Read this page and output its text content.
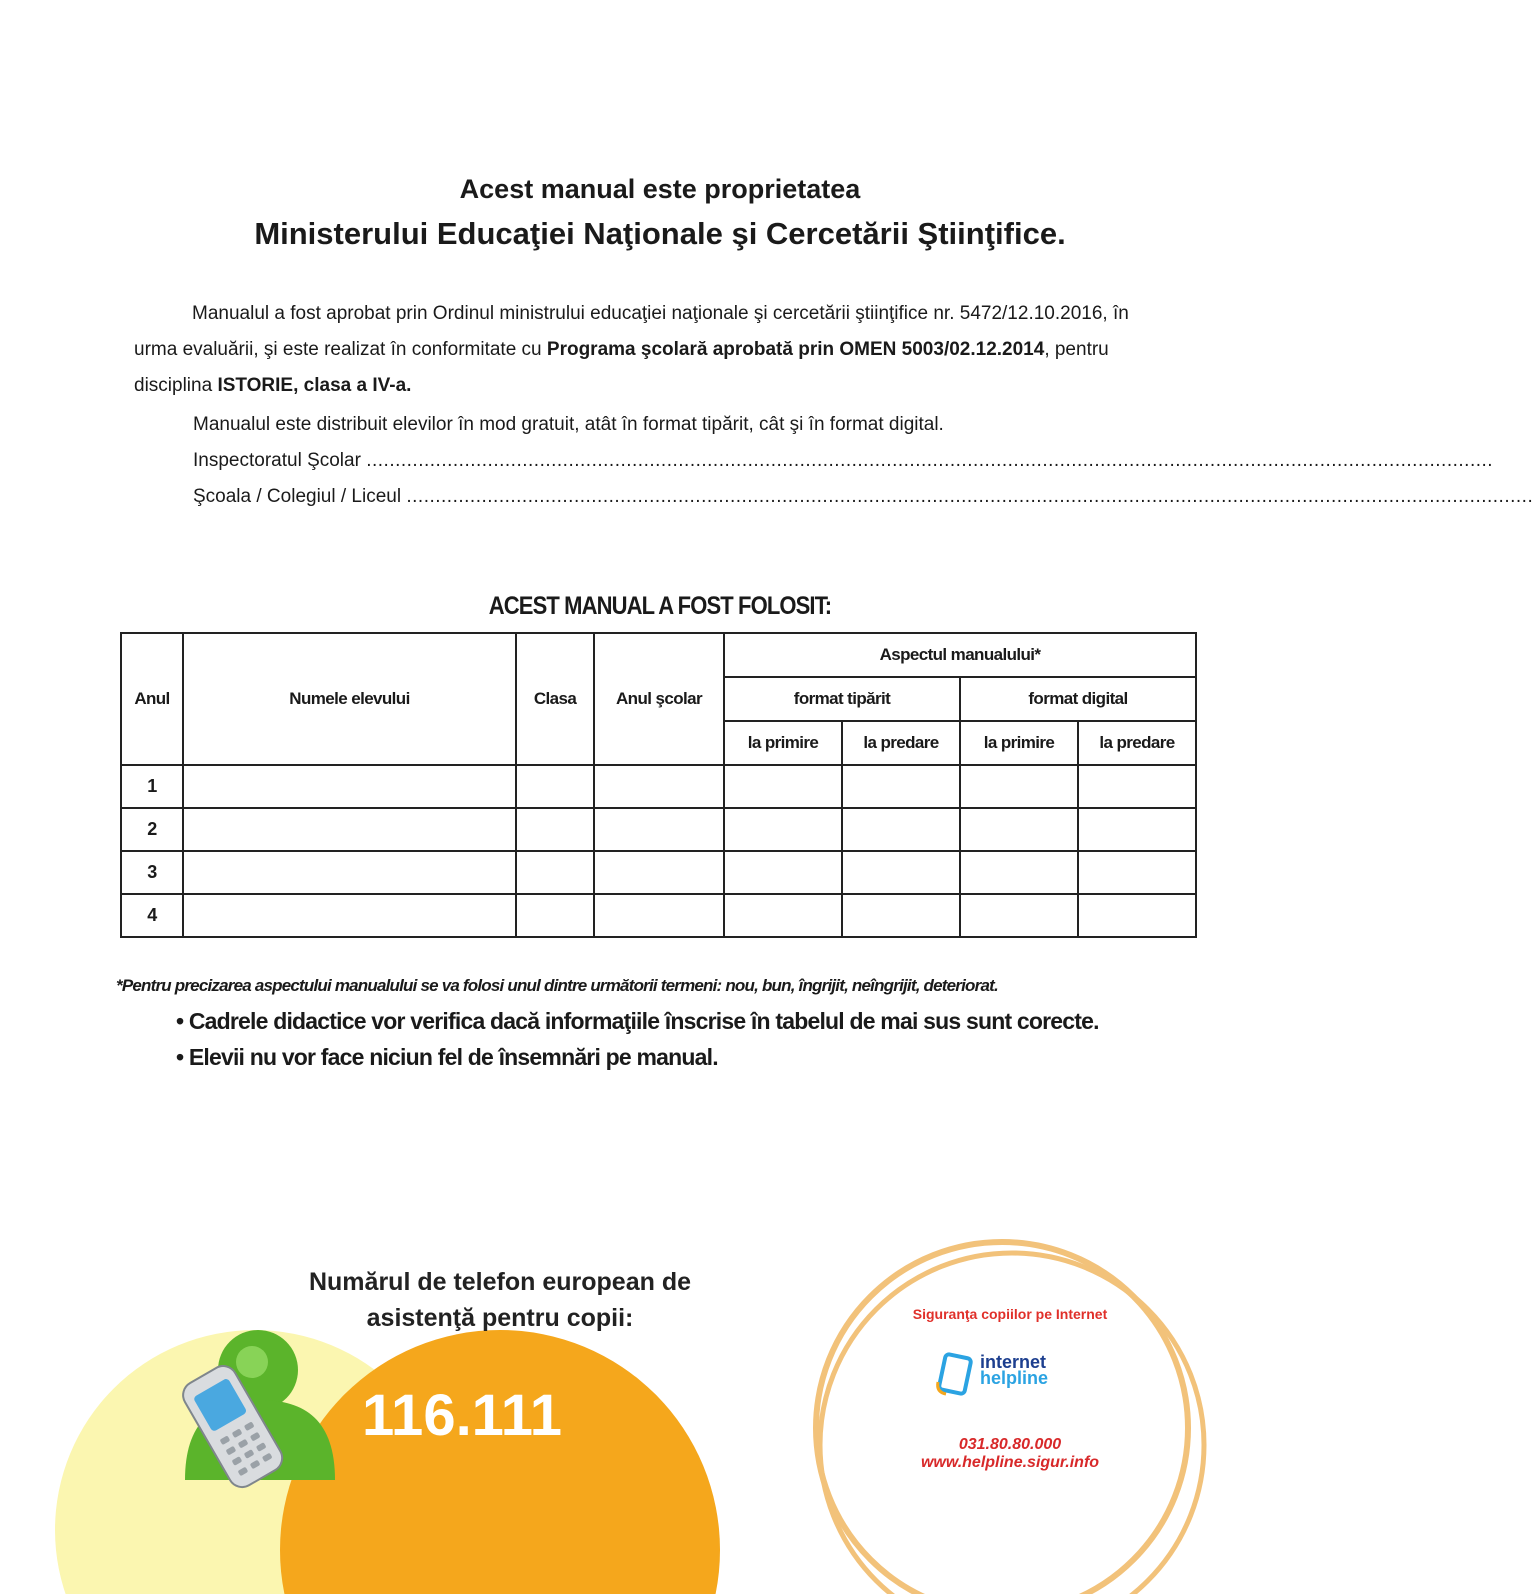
Acest manual este proprietatea
Ministerului Educaţiei Naţionale şi Cercetării Ştiinţifice.
Manualul a fost aprobat prin Ordinul ministrului educaţiei naţionale şi cercetării ştiinţifice nr. 5472/12.10.2016, în urma evaluării, şi este realizat în conformitate cu Programa şcolară aprobată prin OMEN 5003/02.12.2014, pentru disciplina ISTORIE, clasa a IV-a.
Manualul este distribuit elevilor în mod gratuit, atât în format tipărit, cât şi în format digital.
Inspectoratul Şcolar ...................................................................................................................................................................................................
Şcoala / Colegiul / Liceul ...................................................................................................................................................................................................
ACEST MANUAL A FOST FOLOSIT:
Anul	Numele elevului	Clasa	Anul şcolar	Aspectul manualului*			
				format tipărit		format digital	
				la primire	la predare	la primire	la predare
1							
2							
3							
4							
*Pentru precizarea aspectului manualului se va folosi unul dintre următorii termeni: nou, bun, îngrijit, neîngrijit, deteriorat.
• Cadrele didactice vor verifica dacă informaţiile înscrise în tabelul de mai sus sunt corecte.
• Elevii nu vor face niciun fel de însemnări pe manual.
Numărul de telefon european de
asistenţă pentru copii:
116.111
Siguranţa copiilor pe Internet
internet
helpline
031.80.80.000
www.helpline.sigur.info
